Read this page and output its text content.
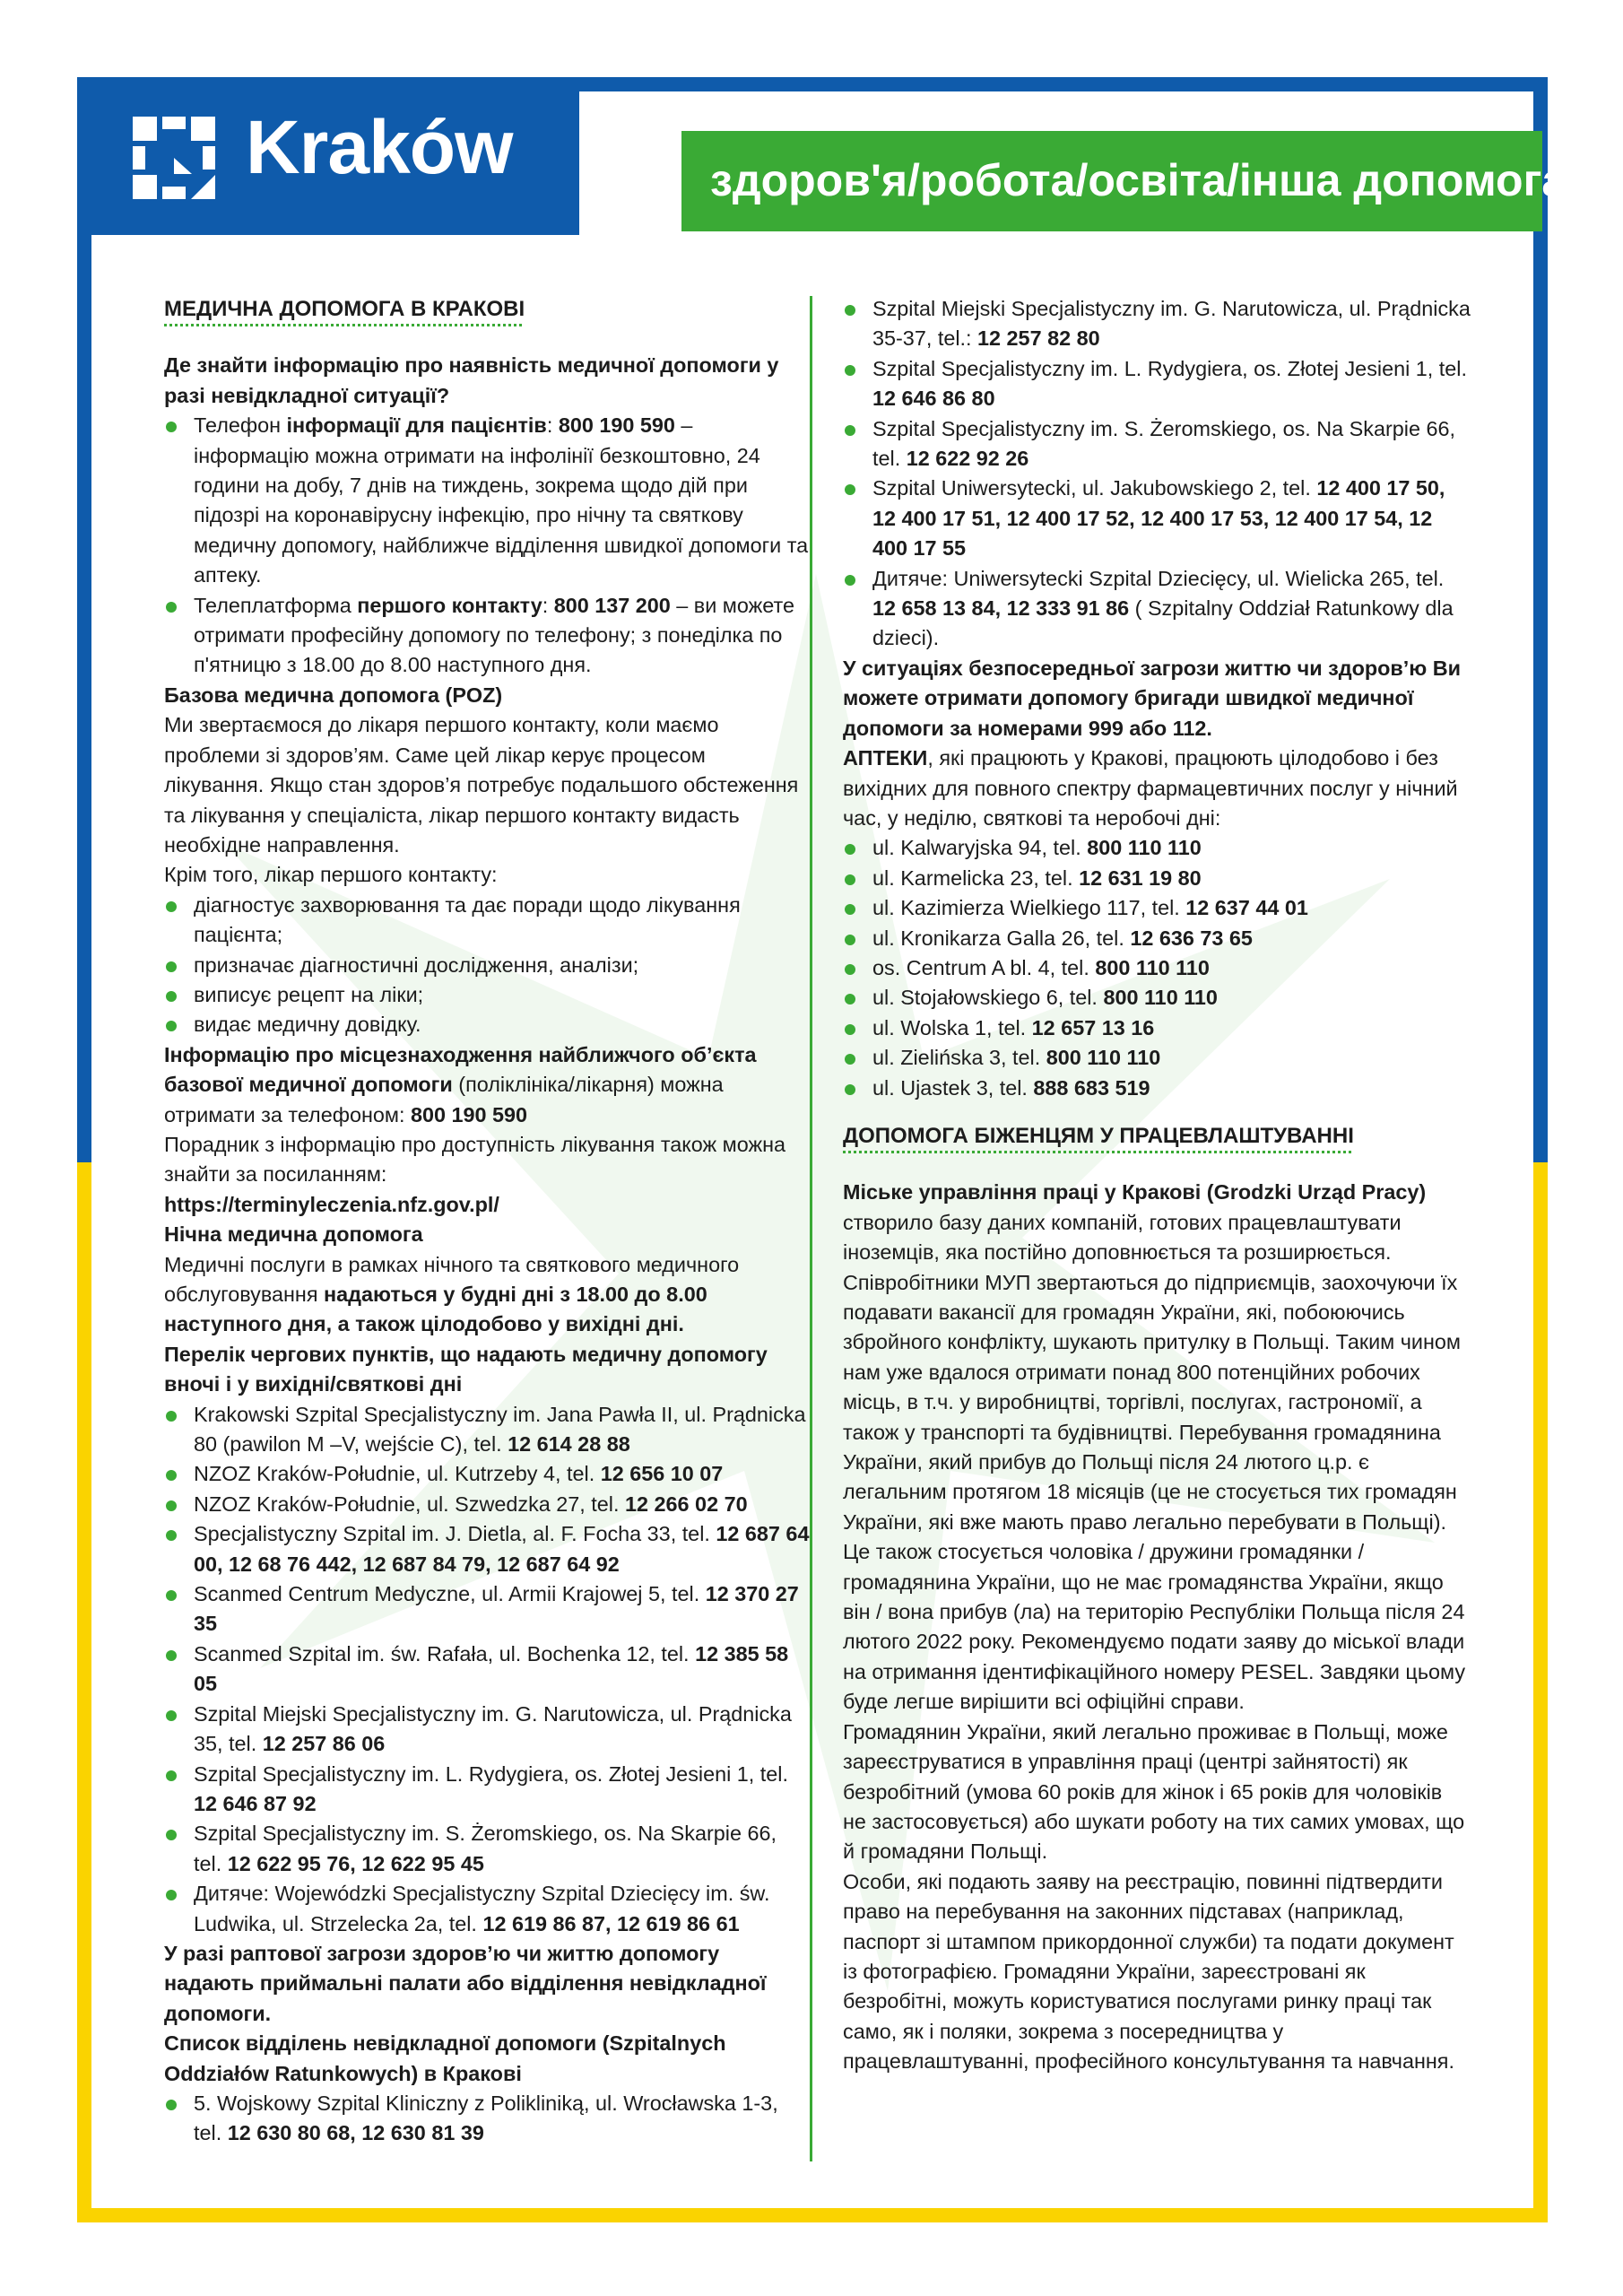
Kraków	здоров'я/робота/освіта/інша допомога

МЕДИЧНА ДОПОМОГА В КРАКОВІ

Де знайти інформацію про наявність медичної допомоги у разі невідкладної ситуації?

Телефон інформації для пацієнтів: 800 190 590 – інформацію можна отримати на інфолінії безкоштовно, 24 години на добу, 7 днів на тиждень, зокрема щодо дій при підозрі на коронавірусну інфекцію, про нічну та святкову медичну допомогу, найближче відділення швидкої допомоги та аптеку.
Телеплатформа першого контакту: 800 137 200 – ви можете отримати професійну допомогу по телефону; з понеділка по п'ятницю з 18.00 до 8.00 наступного дня.

Базова медична допомога (POZ)

Ми звертаємося до лікаря першого контакту, коли маємо проблеми зі здоров’ям. Саме цей лікар керує процесом лікування. Якщо стан здоров’я потребує подальшого обстеження та лікування у спеціаліста, лікар першого контакту видасть необхідне направлення.

Крім того, лікар першого контакту:

діагностує захворювання та дає поради щодо лікування пацієнта;
призначає діагностичні дослідження, аналізи;
виписує рецепт на ліки;
видає медичну довідку.

Інформацію про місцезнаходження найближчого об’єкта базової медичної допомоги (поліклініка/лікарня) можна отримати за телефоном: 800 190 590

Порадник з інформацію про доступність лікування також можна знайти за посиланням:

https://terminyleczenia.nfz.gov.pl/

Нічна медична допомога

Медичні послуги в рамках нічного та святкового медичного обслуговування надаються у будні дні з 18.00 до 8.00 наступного дня, а також цілодобово у вихідні дні.

Перелік чергових пунктів, що надають медичну допомогу вночі і у вихідні/святкові дні

Krakowski Szpital Specjalistyczny im. Jana Pawła II, ul. Prądnicka 80 (pawilon M –V, wejście C), tel. 12 614 28 88
NZOZ Kraków-Południe, ul. Kutrzeby 4, tel. 12 656 10 07
NZOZ Kraków-Południe, ul. Szwedzka 27, tel. 12 266 02 70
Specjalistyczny Szpital im. J. Dietla, al. F. Focha 33, tel. 12 687 64 00, 12 68 76 442, 12 687 84 79, 12 687 64 92
Scanmed Centrum Medyczne, ul. Armii Krajowej 5, tel. 12 370 27 35
Scanmed Szpital im. św. Rafała, ul. Bochenka 12, tel. 12 385 58 05
Szpital Miejski Specjalistyczny im. G. Narutowicza, ul. Prądnicka 35, tel. 12 257 86 06
Szpital Specjalistyczny im. L. Rydygiera, os. Złotej Jesieni 1, tel. 12 646 87 92
Szpital Specjalistyczny im. S. Żeromskiego, os. Na Skarpie 66, tel. 12 622 95 76, 12 622 95 45
Дитяче: Wojewódzki Specjalistyczny Szpital Dziecięcy im. św. Ludwika, ul. Strzelecka 2a, tel. 12 619 86 87, 12 619 86 61

У разі раптової загрози здоров’ю чи життю допомогу надають приймальні палати або відділення невідкладної допомоги.

Список відділень невідкладної допомоги (Szpitalnych Oddziałów Ratunkowych) в Кракові

5. Wojskowy Szpital Kliniczny z Polikliniką, ul. Wrocławska 1-3, tel. 12 630 80 68, 12 630 81 39
Szpital Miejski Specjalistyczny im. G. Narutowicza, ul. Prądnicka 35-37, tel.: 12 257 82 80
Szpital Specjalistyczny im. L. Rydygiera, os. Złotej Jesieni 1, tel. 12 646 86 80
Szpital Specjalistyczny im. S. Żeromskiego, os. Na Skarpie 66, tel. 12 622 92 26
Szpital Uniwersytecki, ul. Jakubowskiego 2, tel. 12 400 17 50, 12 400 17 51, 12 400 17 52, 12 400 17 53, 12 400 17 54, 12 400 17 55
Дитяче: Uniwersytecki Szpital Dziecięcy, ul. Wielicka 265, tel. 12 658 13 84, 12 333 91 86 ( Szpitalny Oddział Ratunkowy dla dzieci).

У ситуаціях безпосередньої загрози життю чи здоров’ю Ви можете отримати допомогу бригади швидкої медичної допомоги за номерами 999 або 112.

АПТЕКИ, які працюють у Кракові, працюють цілодобово і без вихідних для повного спектру фармацевтичних послуг у нічний час, у неділю, святкові та неробочі дні:

ul. Kalwaryjska 94, tel. 800 110 110
ul. Karmelicka 23, tel. 12 631 19 80
ul. Kazimierza Wielkiego 117, tel. 12 637 44 01
ul. Kronikarza Galla 26, tel. 12 636 73 65
os. Centrum A bl. 4, tel. 800 110 110
ul. Stojałowskiego 6, tel. 800 110 110
ul. Wolska 1, tel. 12 657 13 16
ul. Zielińska 3, tel. 800 110 110
ul. Ujastek 3, tel. 888 683 519

ДОПОМОГА БІЖЕНЦЯМ У ПРАЦЕВЛАШТУВАННІ

Міське управління праці у Кракові (Grodzki Urząd Pracy) створило базу даних компаній, готових працевлаштувати іноземців, яка постійно доповнюється та розширюється. Співробітники МУП звертаються до підприємців, заохочуючи їх подавати вакансії для громадян України, які, побоюючись збройного конфлікту, шукають притулку в Польщі. Таким чином нам уже вдалося отримати понад 800 потенційних робочих місць, в т.ч. у виробництві, торгівлі, послугах, гастрономії, а також у транспорті та будівництві. Перебування громадянина України, який прибув до Польщі після 24 лютого ц.р. є легальним протягом 18 місяців (це не стосується тих громадян України, які вже мають право легально перебувати в Польщі). Це також стосується чоловіка / дружини громадянки / громадянина України, що не має громадянства України, якщо він / вона прибув (ла) на територію Республіки Польща після 24 лютого 2022 року. Рекомендуємо подати заяву до міської влади на отримання ідентифікаційного номеру PESEL. Завдяки цьому буде легше вирішити всі офіційні справи.

Громадянин України, який легально проживає в Польщі, може зареєструватися в управління праці (центрі зайнятості) як безробітний (умова 60 років для жінок і 65 років для чоловіків не застосовується) або шукати роботу на тих самих умовах, що й громадяни Польщі.

Особи, які подають заяву на реєстрацію, повинні підтвердити право на перебування на законних підставах (наприклад, паспорт зі штампом прикордонної служби) та подати документ із фотографією. Громадяни України, зареєстровані як безробітні, можуть користуватися послугами ринку праці так само, як і поляки, зокрема з посередництва у працевлаштуванні, професійного консультування та навчання.
